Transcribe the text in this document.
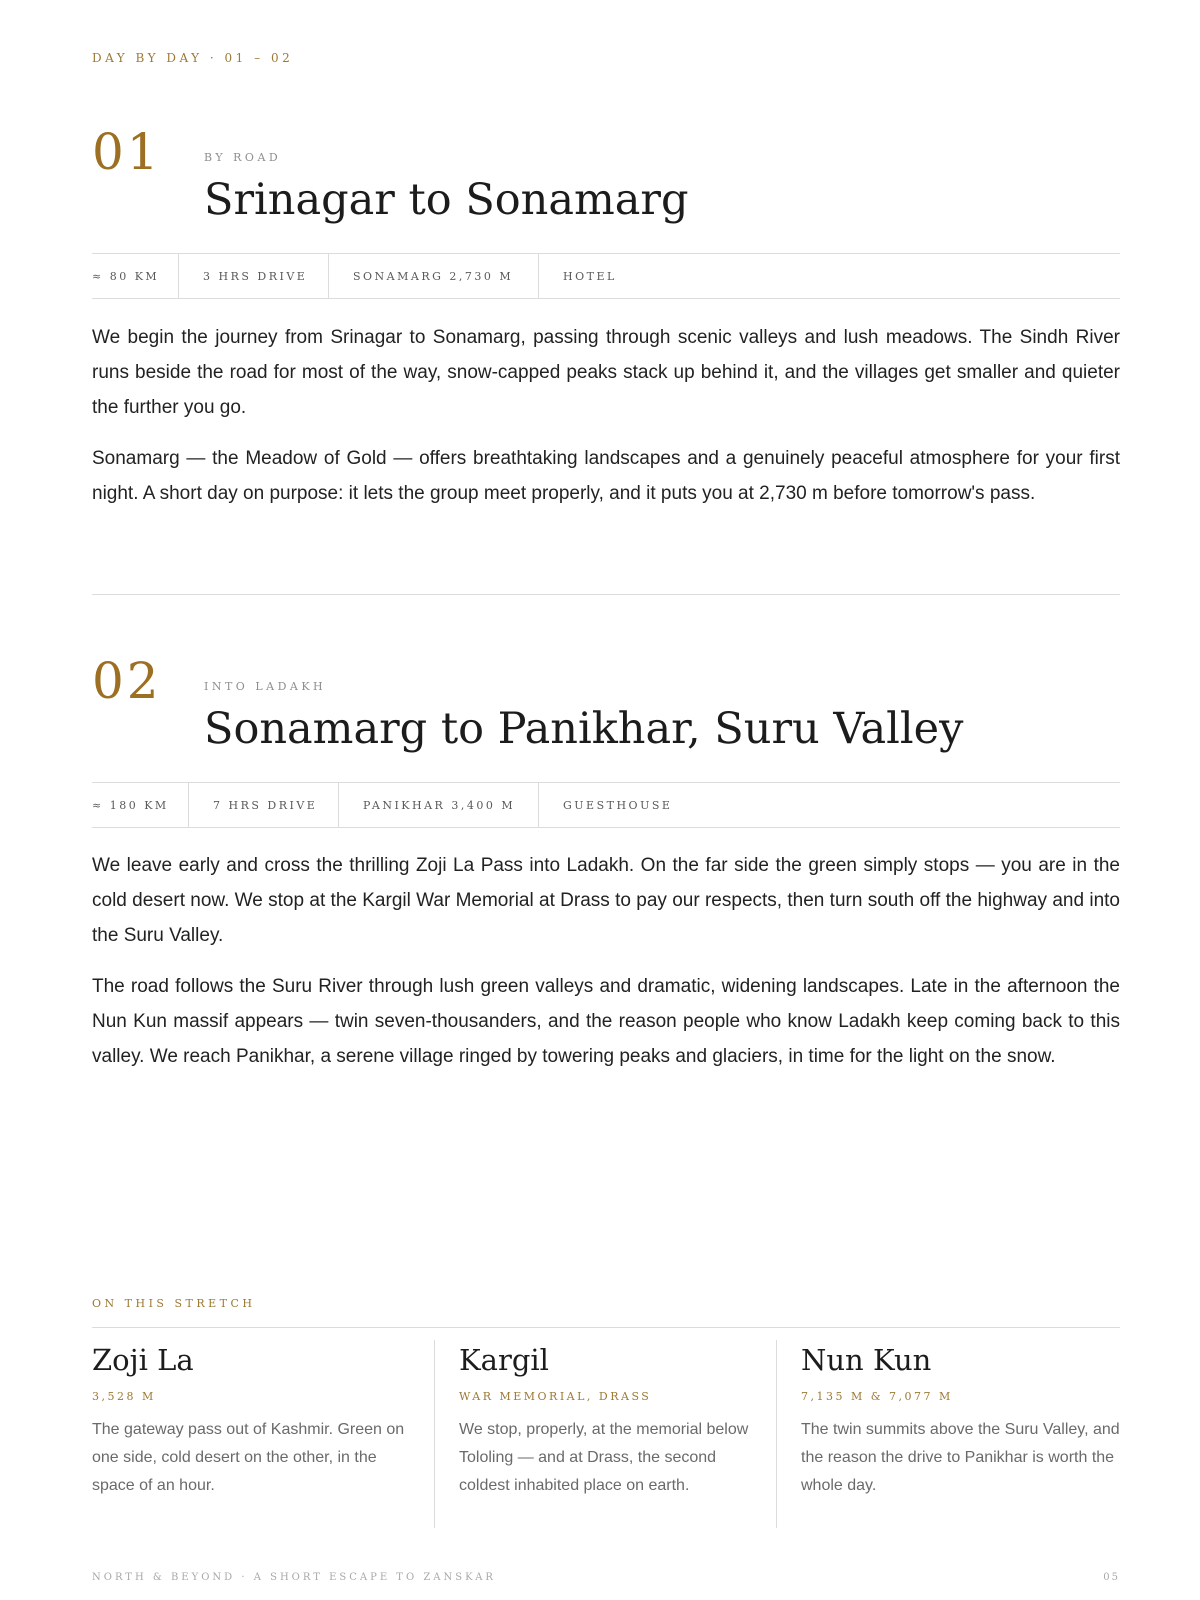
DAY BY DAY · 01 – 02
01	BY ROAD
Srinagar to Sonamarg
≈ 80 KM	3 HRS DRIVE	SONAMARG 2,730 M	HOTEL

We begin the journey from Srinagar to Sonamarg, passing through scenic valleys and lush meadows. The Sindh River runs beside the road for most of the way, snow-capped peaks stack up behind it, and the villages get smaller and quieter the further you go.

Sonamarg — the Meadow of Gold — offers breathtaking landscapes and a genuinely peaceful atmosphere for your first night. A short day on purpose: it lets the group meet properly, and it puts you at 2,730 m before tomorrow's pass.

02	INTO LADAKH
Sonamarg to Panikhar, Suru Valley
≈ 180 KM	7 HRS DRIVE	PANIKHAR 3,400 M	GUESTHOUSE

We leave early and cross the thrilling Zoji La Pass into Ladakh. On the far side the green simply stops — you are in the cold desert now. We stop at the Kargil War Memorial at Drass to pay our respects, then turn south off the highway and into the Suru Valley.

The road follows the Suru River through lush green valleys and dramatic, widening landscapes. Late in the afternoon the Nun Kun massif appears — twin seven-thousanders, and the reason people who know Ladakh keep coming back to this valley. We reach Panikhar, a serene village ringed by towering peaks and glaciers, in time for the light on the snow.

ON THIS STRETCH
Zoji La
3,528 M
The gateway pass out of Kashmir. Green on one side, cold desert on the other, in the space of an hour.
Kargil
WAR MEMORIAL, DRASS
We stop, properly, at the memorial below Tololing — and at Drass, the second coldest inhabited place on earth.
Nun Kun
7,135 M & 7,077 M
The twin summits above the Suru Valley, and the reason the drive to Panikhar is worth the whole day.
NORTH & BEYOND · A SHORT ESCAPE TO ZANSKAR	05
